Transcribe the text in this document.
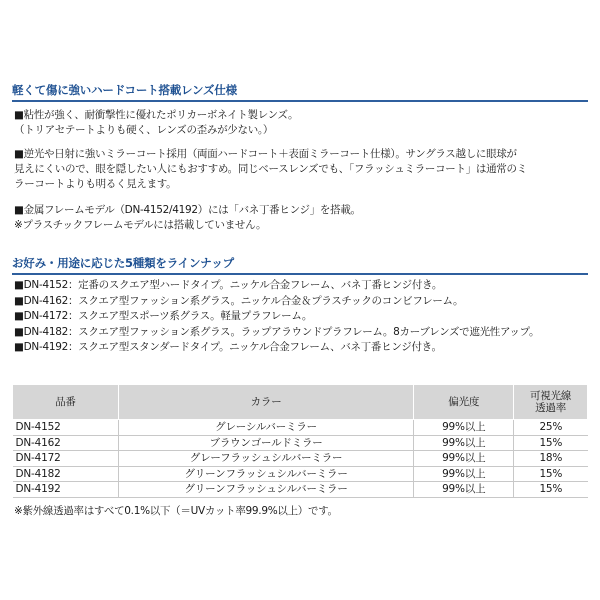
軽くて傷に強いハードコート搭載レンズ仕様
■粘性が強く、耐衝撃性に優れたポリカーボネイト製レンズ。
（トリアセテートよりも硬く、レンズの歪みが少ない。）
■逆光や日射に強いミラーコート採用（両面ハードコート＋表面ミラーコート仕様）。サングラス越しに眼球が
見えにくいので、眼を隠したい人にもおすすめ。同じベースレンズでも、「フラッシュミラーコート」は通常のミ
ラーコートよりも明るく見えます。
■金属フレームモデル（DN-4152/4192）には「バネ丁番ヒンジ」を搭載。
※プラスチックフレームモデルには搭載していません。
お好み・用途に応じた5種類をラインナップ
■DN-4152：定番のスクエア型ハードタイプ。ニッケル合金フレーム、バネ丁番ヒンジ付き。
■DN-4162：スクエア型ファッション系グラス。ニッケル合金＆プラスチックのコンビフレーム。
■DN-4172：スクエア型スポーツ系グラス。軽量プラフレーム。
■DN-4182：スクエア型ファッション系グラス。ラップアラウンドプラフレーム。8カーブレンズで遮光性アップ。
■DN-4192：スクエア型スタンダードタイプ。ニッケル合金フレーム、バネ丁番ヒンジ付き。
品番	カラー	偏光度	可視光線
透過率
DN-4152	グレーシルバーミラー	99%以上	25%
DN-4162	ブラウンゴールドミラー	99%以上	15%
DN-4172	グレーフラッシュシルバーミラー	99%以上	18%
DN-4182	グリーンフラッシュシルバーミラー	99%以上	15%
DN-4192	グリーンフラッシュシルバーミラー	99%以上	15%
※紫外線透過率はすべて0.1%以下（＝UVカット率99.9%以上）です。
